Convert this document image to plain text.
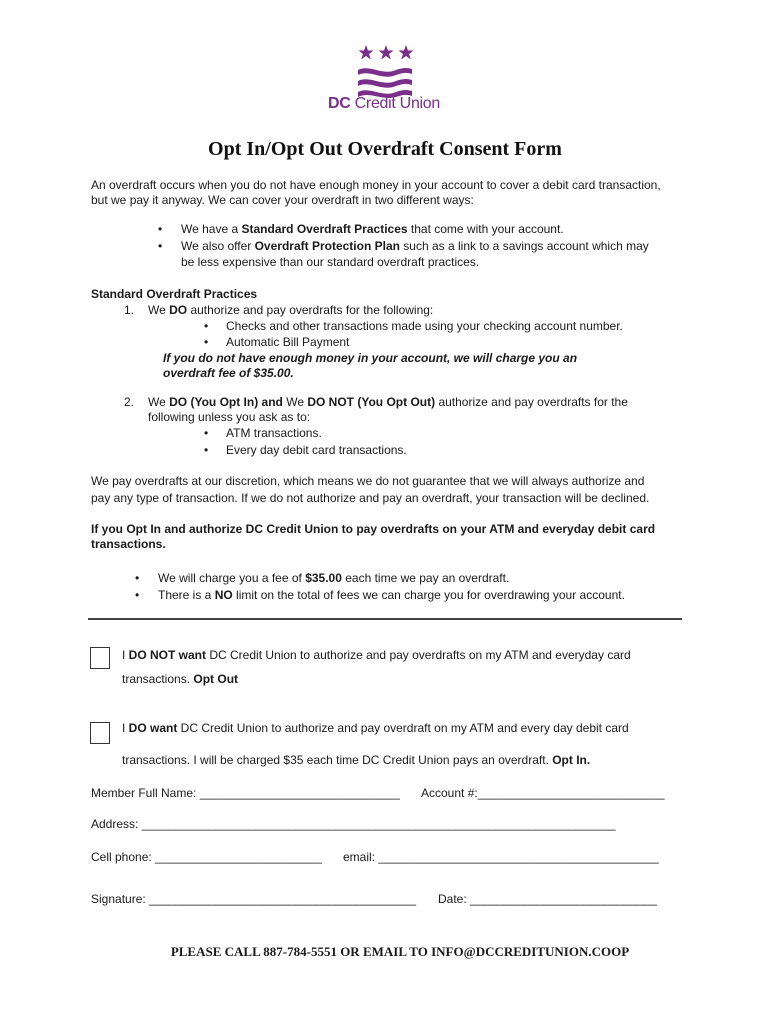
DC Credit Union
Opt In/Opt Out Overdraft Consent Form
An overdraft occurs when you do not have enough money in your account to cover a debit card transaction,
but we pay it anyway. We can cover your overdraft in two different ways:
• We have a Standard Overdraft Practices that come with your account.
• We also offer Overdraft Protection Plan such as a link to a savings account which may
be less expensive than our standard overdraft practices.
Standard Overdraft Practices
1. We DO authorize and pay overdrafts for the following:
• Checks and other transactions made using your checking account number.
• Automatic Bill Payment
If you do not have enough money in your account, we will charge you an
overdraft fee of $35.00.
2. We DO (You Opt In) and We DO NOT (You Opt Out) authorize and pay overdrafts for the
following unless you ask as to:
• ATM transactions.
• Every day debit card transactions.
We pay overdrafts at our discretion, which means we do not guarantee that we will always authorize and
pay any type of transaction. If we do not authorize and pay an overdraft, your transaction will be declined.
If you Opt In and authorize DC Credit Union to pay overdrafts on your ATM and everyday debit card
transactions.
• We will charge you a fee of $35.00 each time we pay an overdraft.
• There is a NO limit on the total of fees we can charge you for overdrawing your account.
I DO NOT want DC Credit Union to authorize and pay overdrafts on my ATM and everyday card
transactions. Opt Out
I DO want DC Credit Union to authorize and pay overdraft on my ATM and every day debit card
transactions. I will be charged $35 each time DC Credit Union pays an overdraft. Opt In.
Member Full Name: ______________________________ Account #:____________________________
Address: _______________________________________________________________________
Cell phone: _________________________ email: __________________________________________
Signature: ________________________________________ Date: ____________________________
PLEASE CALL 887-784-5551 OR EMAIL TO INFO@DCCREDITUNION.COOP
